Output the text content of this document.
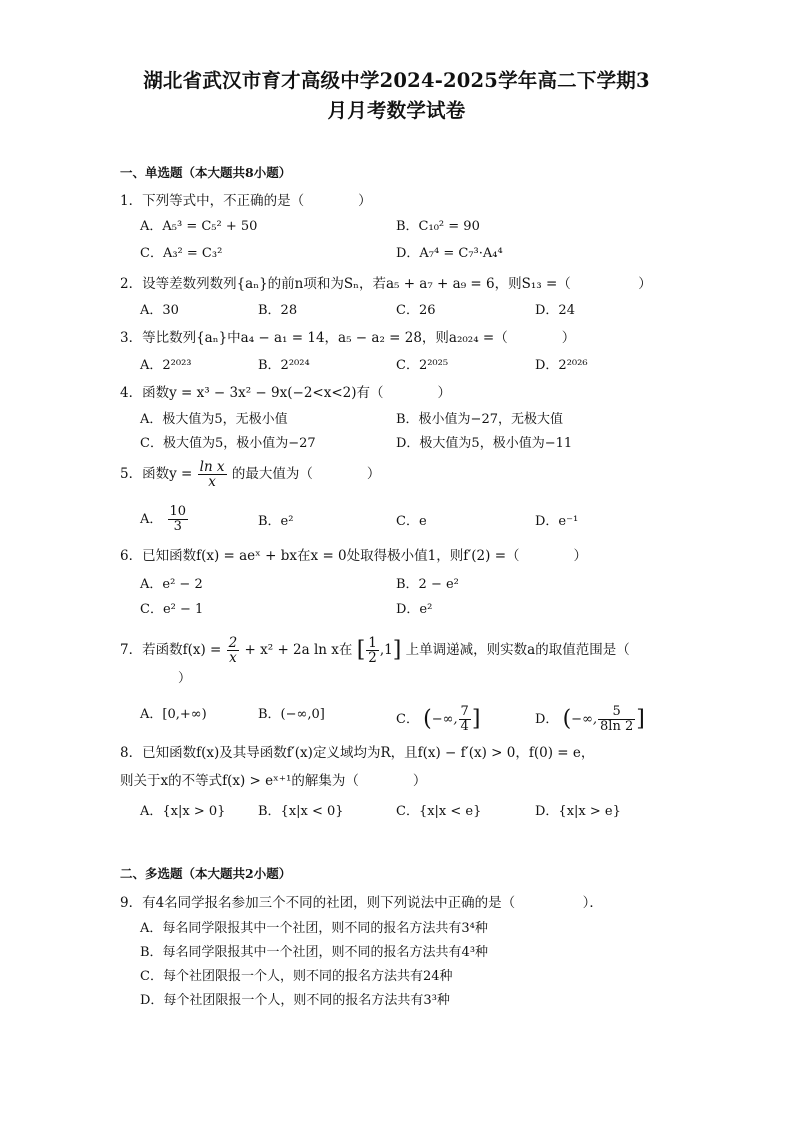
湖北省武汉市育才高级中学2024-2025学年高二下学期3
月月考数学试卷
一、单选题（本大题共8小题）
1．下列等式中，不正确的是（　　　　）
A．A₅³ = C₅² + 50	B．C₁₀² = 90
C．A₃² = C₃²	D．A₇⁴ = C₇³·A₄⁴
2．设等差数列数列{aₙ}的前n项和为Sₙ，若a₅ + a₇ + a₉ = 6，则S₁₃ =（　　　　　）
A．30	B．28	C．26	D．24
3．等比数列{aₙ}中a₄ − a₁ = 14，a₅ − a₂ = 28，则a₂₀₂₄ =（　　　　）
A．2²⁰²³	B．2²⁰²⁴	C．2²⁰²⁵	D．2²⁰²⁶
4．函数y = x³ − 3x² − 9x(−2<x<2)有（　　　　）
A．极大值为5，无极小值	B．极小值为−27，无极大值
C．极大值为5，极小值为−27	D．极大值为5，极小值为−11
5．函数$y = \frac{\text{ln x}}{x}$ 的最大值为（　　　　）
A． $\frac{10}{3}$	B．e²	C．e	D．e⁻¹
6．已知函数f(x) = aeˣ + bx在x = 0处取得极小值1，则f′(2) =（　　　　）
A．e² − 2	B．2 − e²
C．e² − 1	D．e²
7．若函数$f(x) = \frac{2}{x} + x^2 + 2a$ ln x在 [ $\frac{1}{2} ,1$] 上单调递减，则实数a的取值范围是（
）
A．[0,+∞)	B．(−∞,0]	C． (−∞, $\frac{7}{4}$ ]	D． (−∞, $\frac{5}{8\ln 2}$ ]
8．已知函数f(x)及其导函数f′(x)定义域均为R，且f(x) − f′(x) > 0，f(0) = e，
则关于x的不等式f(x) > eˣ⁺¹的解集为（　　　　）
A．{x|x > 0}	B．{x|x < 0}	C．{x|x < e}	D．{x|x > e}
二、多选题（本大题共2小题）
9．有4名同学报名参加三个不同的社团，则下列说法中正确的是（　　　　　）．
A．每名同学限报其中一个社团，则不同的报名方法共有3⁴种
B．每名同学限报其中一个社团，则不同的报名方法共有4³种
C．每个社团限报一个人，则不同的报名方法共有24种
D．每个社团限报一个人，则不同的报名方法共有3³种
